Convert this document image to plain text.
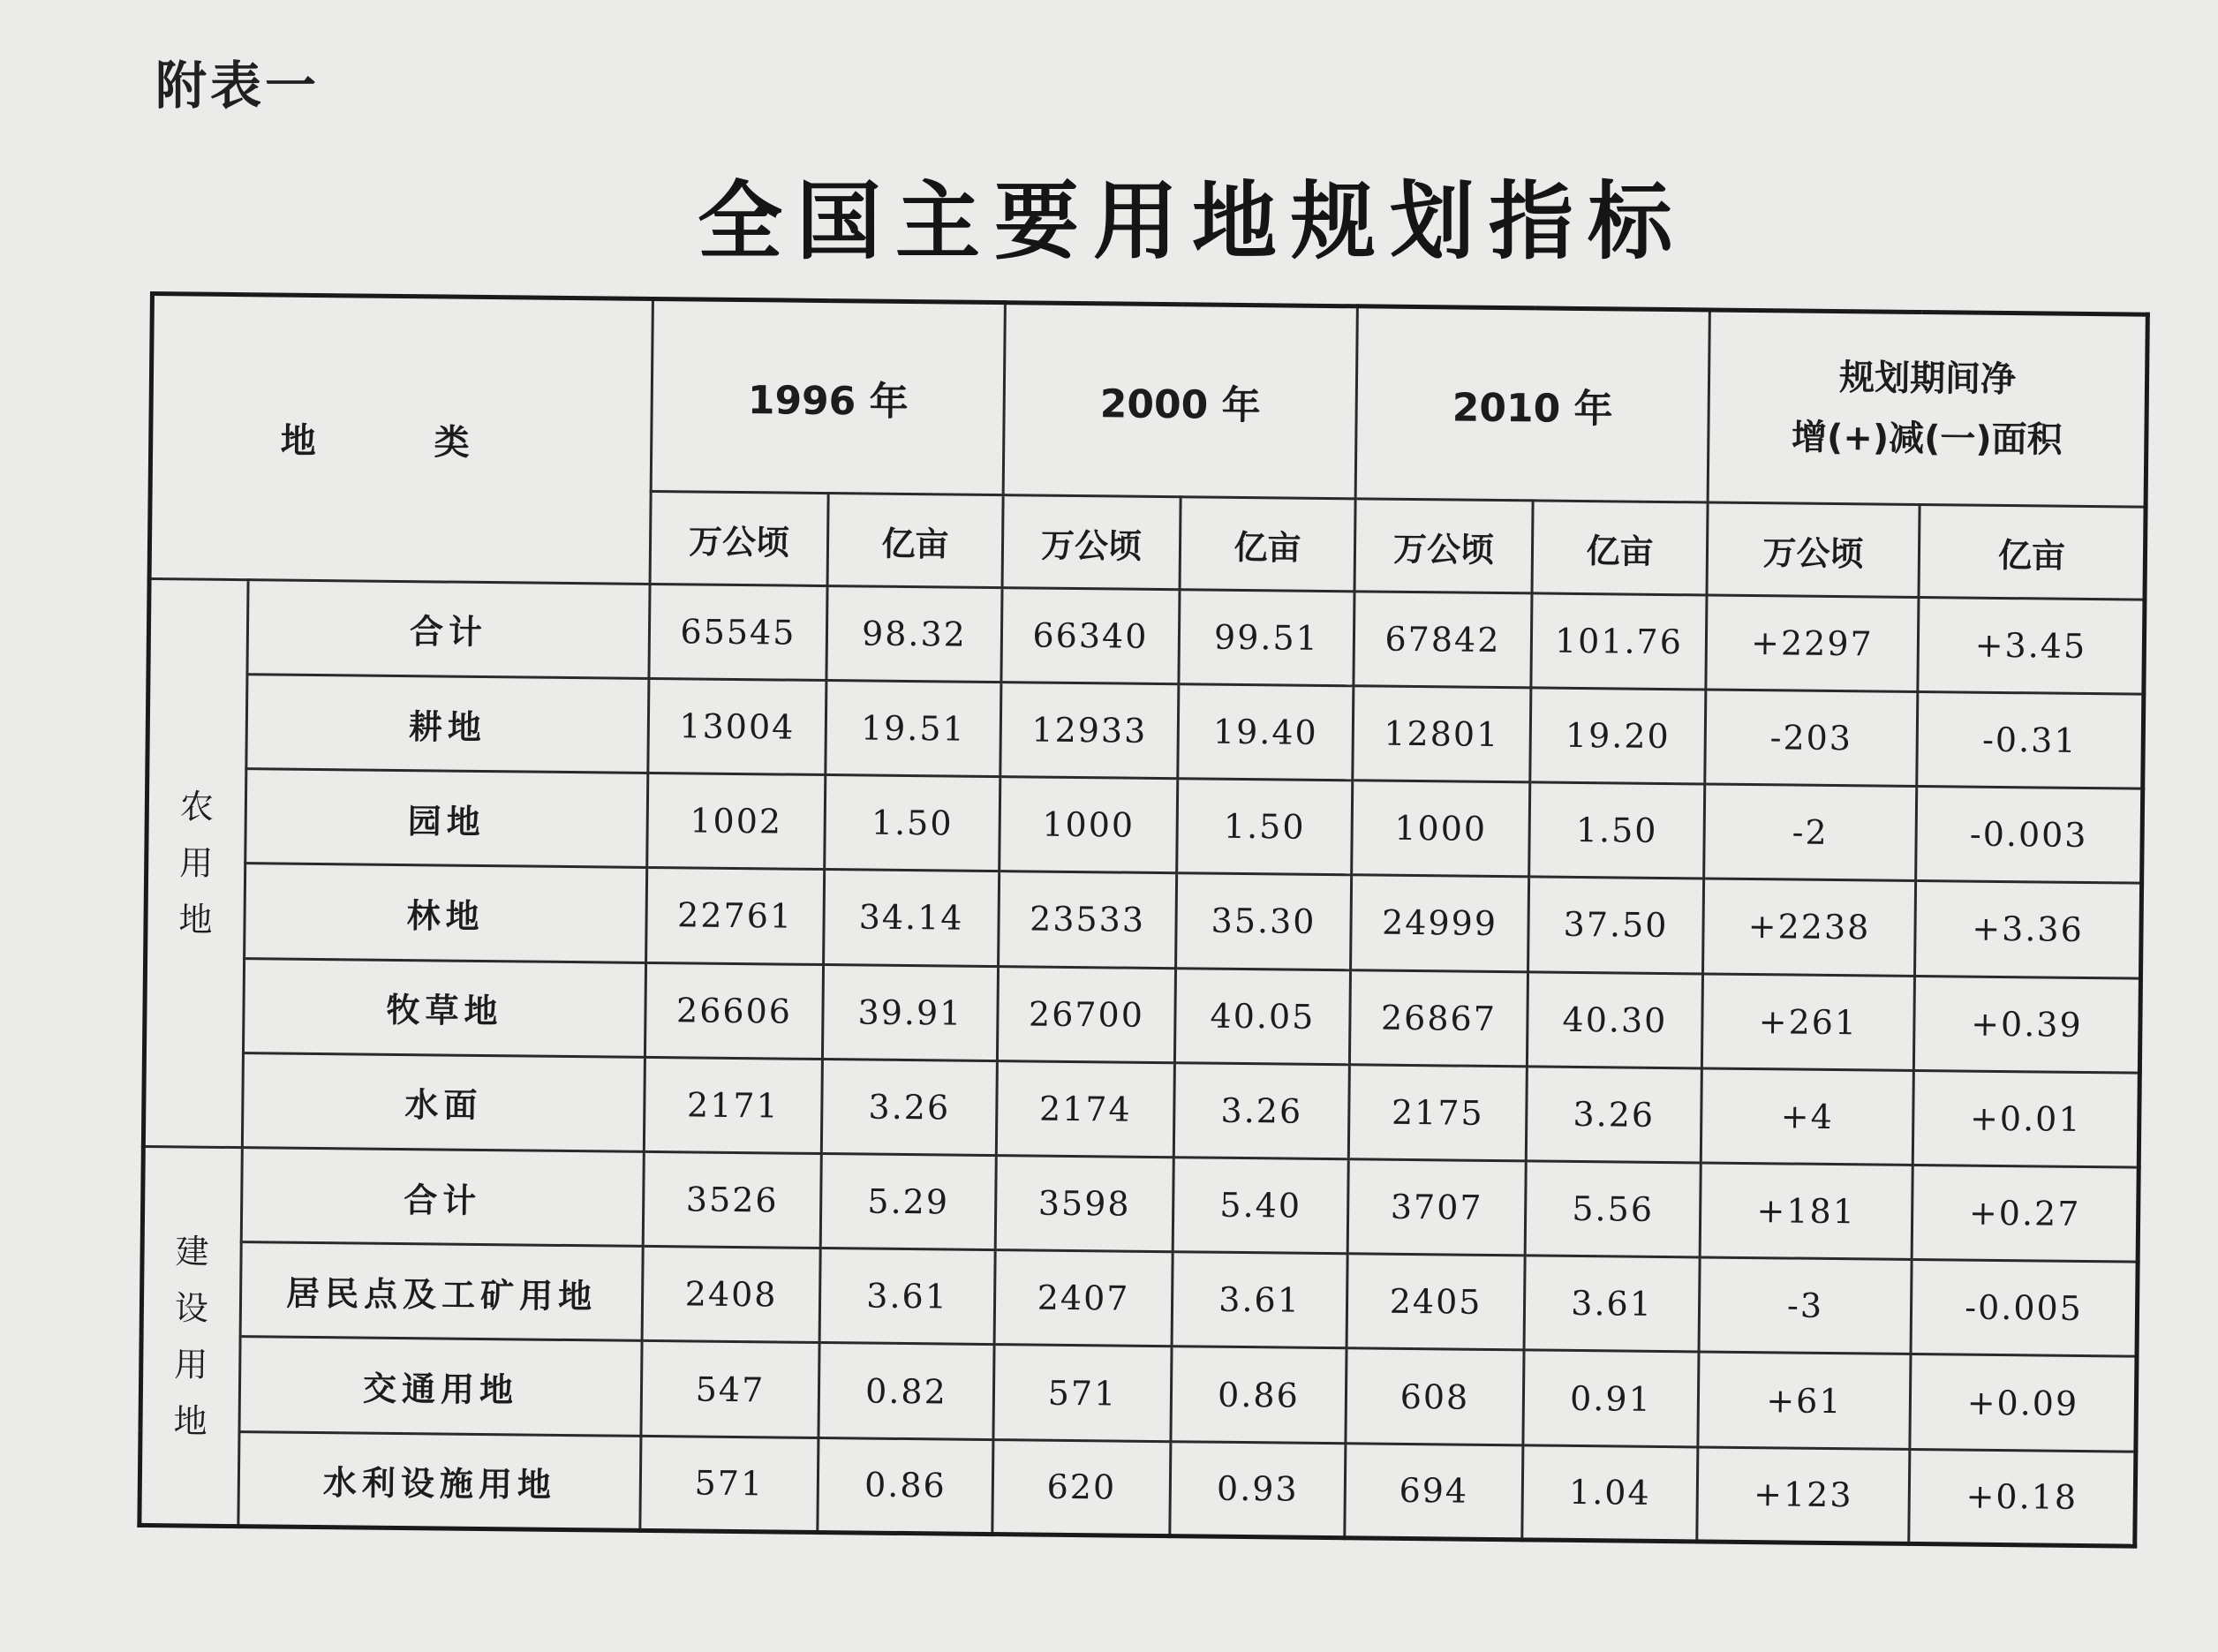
附表一
全国主要用地规划指标
地 类		1996 年		2000 年		2010 年		规划期间净
增(+)减(一)面积	

		万公顷	亿亩	万公顷	亿亩	万公顷	亿亩	万公顷	亿亩

农
用
地	合计	65545	98.32	66340	99.51	67842	101.76	+2297	+3.45
	耕地	13004	19.51	12933	19.40	12801	19.20	-203	-0.31
	园地	1002	1.50	1000	1.50	1000	1.50	-2	-0.003
	林地	22761	34.14	23533	35.30	24999	37.50	+2238	+3.36
	牧草地	26606	39.91	26700	40.05	26867	40.30	+261	+0.39
	水面	2171	3.26	2174	3.26	2175	3.26	+4	+0.01

建
设
用
地	合计	3526	5.29	3598	5.40	3707	5.56	+181	+0.27
	居民点及工矿用地	2408	3.61	2407	3.61	2405	3.61	-3	-0.005
	交通用地	547	0.82	571	0.86	608	0.91	+61	+0.09
	水利设施用地	571	0.86	620	0.93	694	1.04	+123	+0.18
